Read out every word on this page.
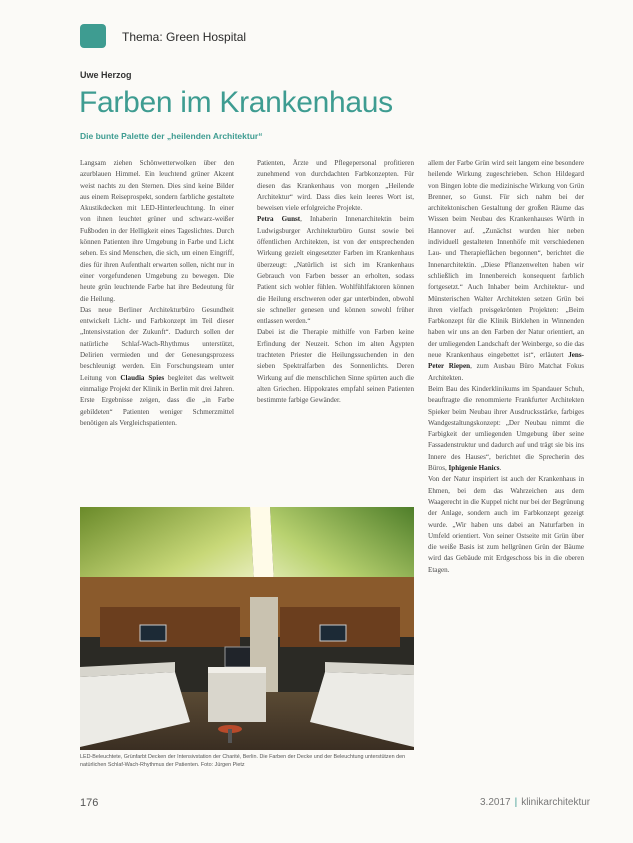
Thema: Green Hospital
Uwe Herzog
Farben im Krankenhaus
Die bunte Palette der „heilenden Architektur“

Langsam ziehen Schönwetterwolken über den azurblauen Himmel. Ein leuchtend grüner Akzent weist nachts zu den Sternen. Dies sind keine Bilder aus einem Reiseprospekt, sondern farbliche gestaltete Akustikdecken mit LED-Hinterleuchtung. In einer von ihnen leuchtet grüner und schwarz-weißer Fußboden in der Helligkeit eines Tageslichtes. Durch können Patienten ihre Umgebung in Farbe und Licht sehen. Es sind Menschen, die sich, um einen Eingriff, dies für ihren Aufenthalt erwarten sollen, nicht nur in einer vorgefundenen Umgebung zu bewegen. Die heute grün leuchtende Farbe hat ihre Bedeutung für die Heilung.

Das neue Berliner Architekturbüro Gesundheit entwickelt Licht- und Farbkonzept im Teil dieser „Intensivstation der Zukunft“. Dadurch sollen der natürliche Schlaf-Wach-Rhythmus unterstützt, Delirien vermieden und der Genesungsprozess beschleunigt werden. Ein Forschungsteam unter Leitung von Claudia Spies begleitet das weltweit einmalige Projekt der Klinik in Berlin mit drei Jahren. Erste Ergebnisse zeigen, dass die „in Farbe gebildeten“ Patienten weniger Schmerzmittel benötigen als Vergleichspatienten.

Patienten, Ärzte und Pflegepersonal profitieren zunehmend von durchdachten Farbkonzepten. Für diesen das Krankenhaus von morgen „Heilende Architektur“ wird. Dass dies kein leeres Wort ist, beweisen viele erfolgreiche Projekte.

Petra Gunst, Inhaberin Innenarchitektin beim Ludwigsburger Architekturbüro Gunst sowie bei öffentlichen Architekten, ist von der entsprechenden Wirkung gezielt eingesetzter Farben im Krankenhaus überzeugt: „Natürlich ist sich im Krankenhaus Gebrauch von Farben besser an erholten, sodass Patient sich wohler fühlen. Wohlfühlfaktoren können die Heilung erschweren oder gar unterbinden, obwohl sie schneller genesen und können sowohl früher entlassen werden.“

Dabei ist die Therapie mithilfe von Farben keine Erfindung der Neuzeit. Schon im alten Ägypten trachteten Priester die Heilungssuchenden in den sieben Spektralfarben des Sonnenlichts. Deren Wirkung auf die menschlichen Sinne spürten auch die alten Griechen. Hippokrates empfahl seinen Patienten bestimmte farbige Gewänder.

allem der Farbe Grün wird seit langem eine besondere heilende Wirkung zugeschrieben. Schon Hildegard von Bingen lobte die medizinische Wirkung von Grün Brenner, so Gunst. Für sich nahm bei der architektonischen Gestaltung der großen Räume das Wissen beim Neubau des Krankenhauses Würth in Hannover auf. „Zunächst wurden hier neben individuell gestalteten Innenhöfe mit verschiedenen Lau- und Therapieflächen begonnen“, berichtet die Innenarchitektin. „Diese Pflanzenwelten haben wir schließlich im Innenbereich konsequent farblich fortgesetzt.“ Auch Inhaber beim Architektur- und Münsterischen Walter Architekten setzen Grün bei ihren vielfach preisgekrönten Projekten: „Beim Farbkonzept für die Klinik Birklehen in Winnenden haben wir uns an den Farben der Natur orientiert, an der umliegenden Landschaft der Weinberge, so die das neue Krankenhaus eingebettet ist“, erläutert Jens-Peter Riepen, zum Ausbau Büro Matchat Fokus Architekten.

Beim Bau des Kinderklinikums im Spandauer Schuh, beauftragte die renommierte Frankfurter Architekten Spieker beim Neubau ihrer Ausdrucksstärke, farbiges Wandgestaltungskonzept: „Der Neubau nimmt die Farbigkeit der umliegenden Umgebung über seine Fassadenstruktur und dadurch auf und trägt sie bis ins Innere des Hauses“, berichtet die Sprecherin des Büros, Iphigenie Hanics.

Von der Natur inspiriert ist auch der Krankenhaus in Ehmen, bei dem das Wahrzeichen aus dem Waagerecht in die Kuppel nicht nur bei der Begrünung der Anlage, sondern auch im Farbkonzept gezeigt wurde. „Wir haben uns dabei an Naturfarben in Umfeld orientiert. Von seiner Ostseite mit Grün über die weiße Basis ist zum hellgrünen Grün der Bäume wird das Gebäude mit Erdgeschoss bis in die oberen Etagen.

LED-Beleuchtete, Grünfarbt Decken der Intensivstation der Charité, Berlin. Die Farben der Decke und der Beleuchtung unterstützen den natürlichen Schlaf-Wach-Rhythmus der Patienten. Foto: Jürgen Pietz
176	3.2017 | klinikarchitektur
